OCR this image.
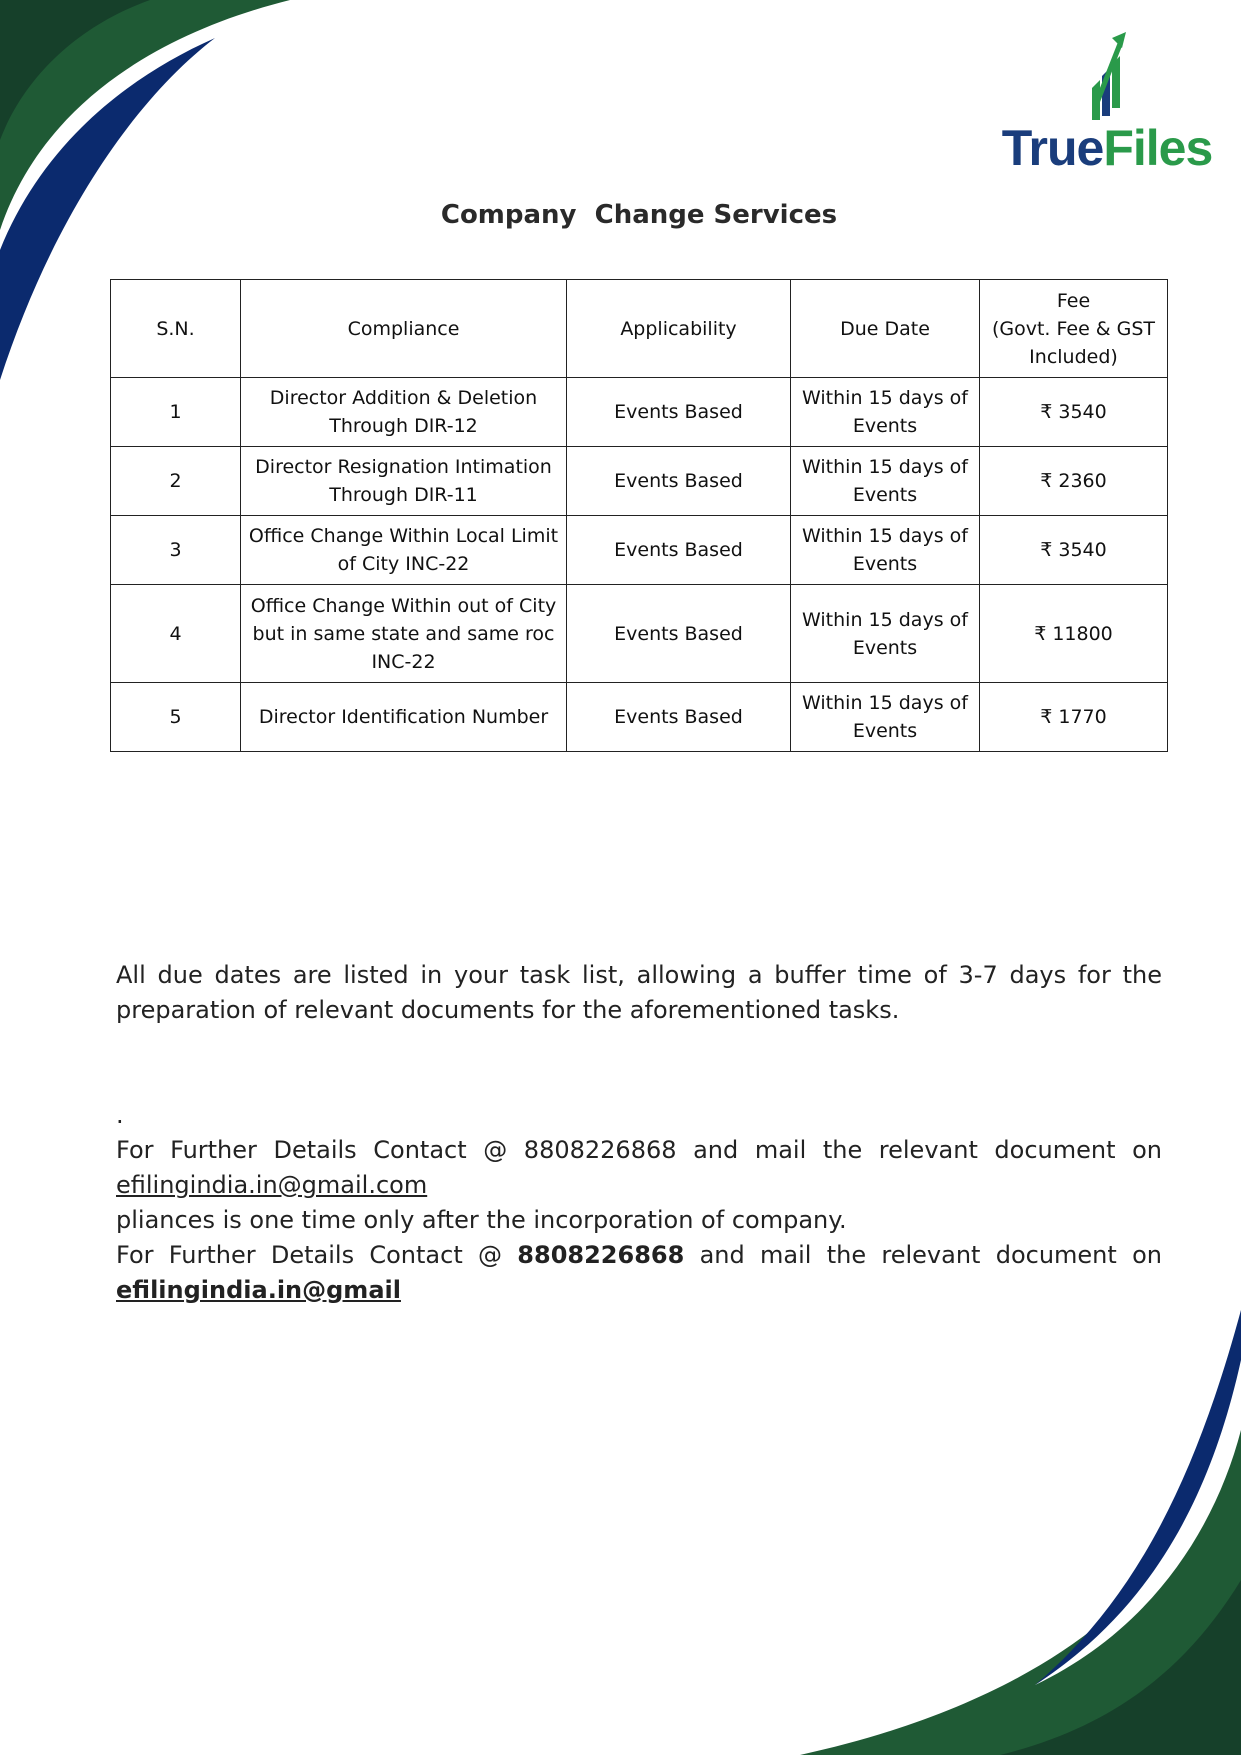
TrueFiles
Company  Change Services
S.N.	Compliance	Applicability	Due Date	Fee
(Govt. Fee & GST Included)
1	Director Addition & Deletion Through DIR-12	Events Based	Within 15 days of Events	₹ 3540
2	Director Resignation Intimation Through DIR-11	Events Based	Within 15 days of Events	₹ 2360
3	Office Change Within Local Limit of City INC-22	Events Based	Within 15 days of Events	₹ 3540
4	Office Change Within out of City but in same state and same roc INC-22	Events Based	Within 15 days of Events	₹ 11800
5	Director Identification Number	Events Based	Within 15 days of Events	₹ 1770
All due dates are listed in your task list, allowing a buffer time of 3-7 days for the preparation of relevant documents for the aforementioned tasks.
.
For Further Details Contact @ 8808226868 and mail the relevant document on
efilingindia.in@gmail.com
pliances is one time only after the incorporation of company.
For Further Details Contact @ 8808226868 and mail the relevant document on
efilingindia.in@gmail
